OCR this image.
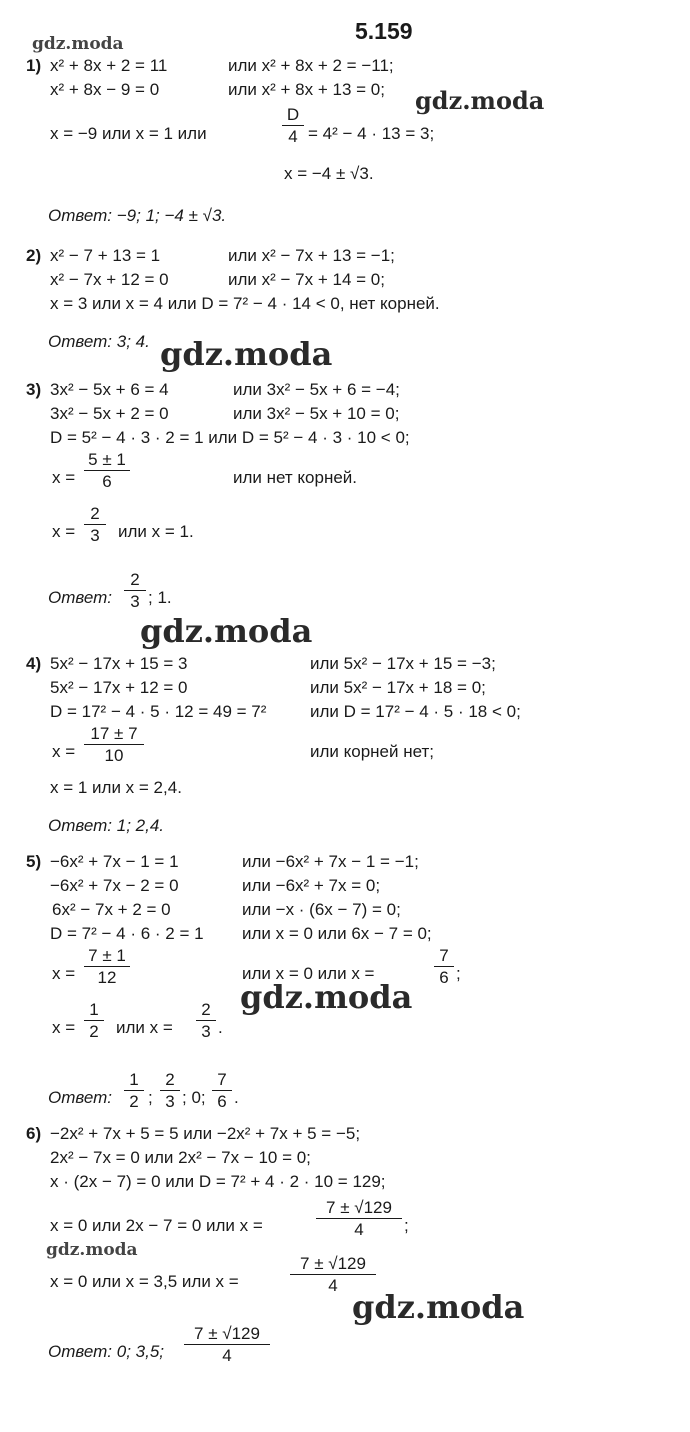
5.159
gdz.moda
gdz.moda
gdz.moda
gdz.moda
gdz.moda
gdz.moda
gdz.moda
1) x² + 8x + 2 = 11	или x² + 8x + 2 = −11;
x² + 8x − 9 = 0	или x² + 8x + 13 = 0;
x = −9 или x = 1 или	$\frac{D}{4} = 4^2 - 4 \cdot 13 = 3$;
x = −4 ± √3.
Ответ: −9; 1; −4 ± √3.
2) x² − 7 + 13 = 1	или x² − 7x + 13 = −1;
x² − 7x + 12 = 0	или x² − 7x + 14 = 0;
x = 3 или x = 4 или D = 7² − 4 · 14 < 0, нет корней.
Ответ: 3; 4.
3) 3x² − 5x + 6 = 4	или 3x² − 5x + 6 = −4;
3x² − 5x + 2 = 0	или 3x² − 5x + 10 = 0;
D = 5² − 4 · 3 · 2 = 1 или D = 5² − 4 · 3 · 10 < 0;
$x = \frac{5 \pm 1}{6}$	или нет корней.
$x = \frac{2}{3}$ или x = 1.
Ответ: $\frac{2}{3}$ ; 1.
4) 5x² − 17x + 15 = 3	или 5x² − 17x + 15 = −3;
5x² − 17x + 12 = 0	или 5x² − 17x + 18 = 0;
D = 17² − 4 · 5 · 12 = 49 = 7²	или D = 17² − 4 · 5 · 18 < 0;
$x = \frac{17 \pm 7}{10}$	или корней нет;
x = 1 или x = 2,4.
Ответ: 1; 2,4.
5) −6x² + 7x − 1 = 1	или −6x² + 7x − 1 = −1;
−6x² + 7x − 2 = 0	или −6x² + 7x = 0;
6x² − 7x + 2 = 0	или −x · (6x − 7) = 0;
D = 7² − 4 · 6 · 2 = 1 или x = 0 или 6x − 7 = 0;
$x = \frac{7 \pm 1}{12}$	или x = 0 или x =	$\frac{7}{6}$ ;
$x = \frac{1}{2}$ или $x = \frac{2}{3}$ .
Ответ: $\frac{1}{2}$ ; $\frac{2}{3}$ ; 0; $\frac{7}{6}$ .
6) −2x² + 7x + 5 = 5 или −2x² + 7x + 5 = −5;
2x² − 7x = 0 или 2x² − 7x − 10 = 0;
x · (2x − 7) = 0 или D = 7² + 4 · 2 · 10 = 129;
x = 0 или 2x − 7 = 0 или x =	$\frac{7 \pm √129}{4}$ ;
x = 0 или x = 3,5 или x =	$\frac{7 \pm √129}{4}$
Ответ: 0; 3,5; $\frac{7 \pm √129}{4}$
